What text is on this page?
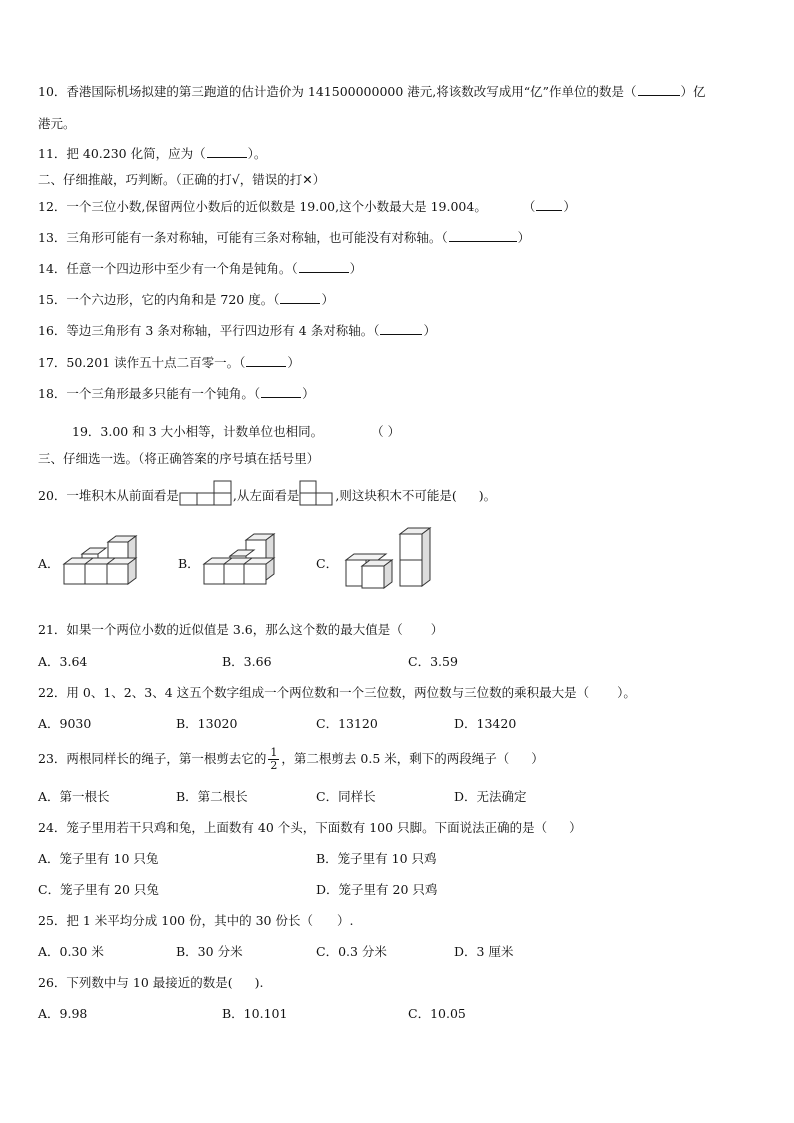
10．香港国际机场拟建的第三跑道的估计造价为 141500000000 港元,将该数改写成用“亿”作单位的数是（	）亿
港元。
11．把 40.230 化简，应为（	）。
二、仔细推敲，巧判断。（正确的打√，错误的打✕）
12．一个三位小数,保留两位小数后的近似数是 19.00,这个小数最大是 19.004。	（ ）
13．三角形可能有一条对称轴，可能有三条对称轴，也可能没有对称轴。（	）
14．任意一个四边形中至少有一个角是钝角。（	）
15．一个六边形，它的内角和是 720 度。（	）
16．等边三角形有 3 条对称轴，平行四边形有 4 条对称轴。（	）
17．50.201 读作五十点二百零一。（	）
18．一个三角形最多只能有一个钝角。（	）
19．3.00 和 3 大小相等，计数单位也相同。	（ ）
三、仔细选一选。（将正确答案的序号填在括号里）
20．一堆积木从前面看是	,从左面看是	,则这块积木不可能是( )。
A．	B．	C．
21．如果一个两位小数的近似值是 3.6，那么这个数的最大值是（ ）
A．3.64	B．3.66	C．3.59
22．用 0、1、2、3、4 这五个数字组成一个两位数和一个三位数，两位数与三位数的乘积最大是（ ）。
A．9030	B．13020	C．13120	D．13420
23．两根同样长的绳子，第一根剪去它的 $\frac{1}{2}$ ，第二根剪去 0.5 米，剩下的两段绳子（ ）
A．第一根长	B．第二根长	C．同样长	D．无法确定
24．笼子里用若干只鸡和兔，上面数有 40 个头，下面数有 100 只脚。下面说法正确的是（ ）
A．笼子里有 10 只兔	B．笼子里有 10 只鸡
C．笼子里有 20 只兔	D．笼子里有 20 只鸡
25．把 1 米平均分成 100 份，其中的 30 份长（ ）.
A．0.30 米	B．30 分米	C．0.3 分米	D．3 厘米
26．下列数中与 10 最接近的数是( ).
A．9.98	B．10.101	C．10.05
